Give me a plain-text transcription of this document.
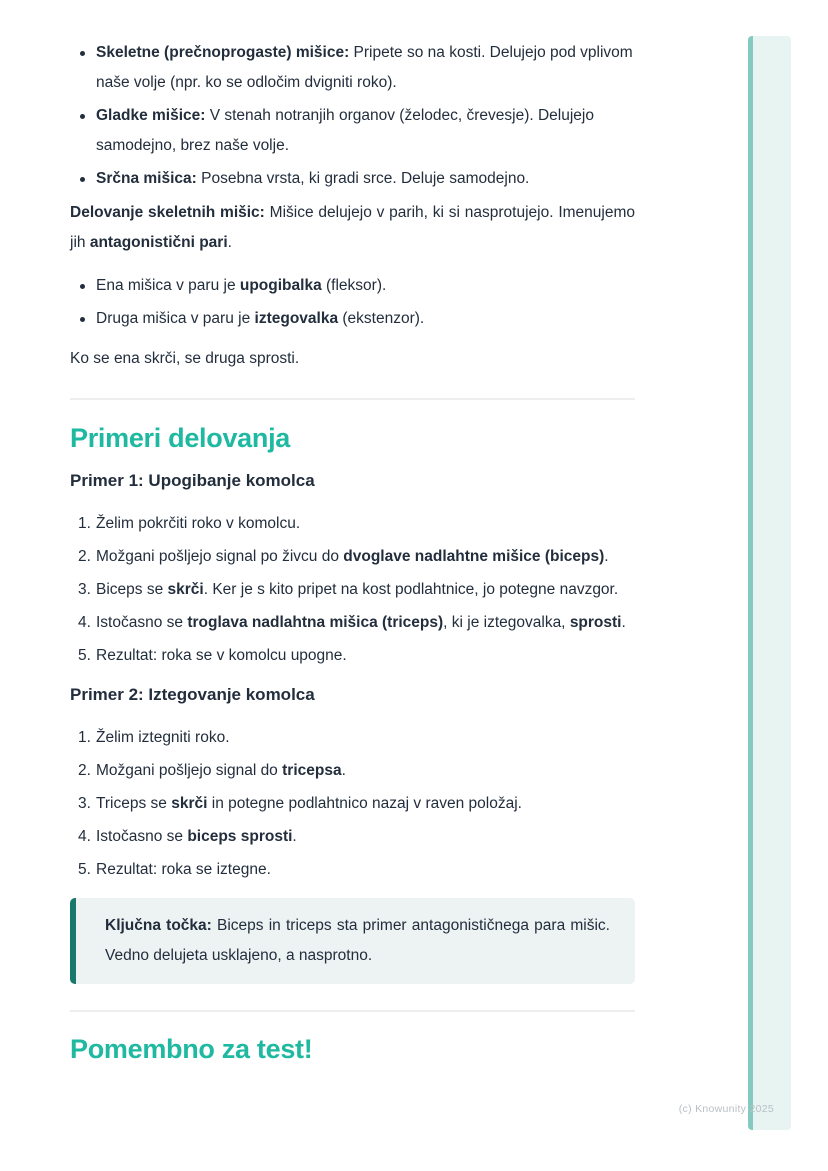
(c) Knowunity 2025
Skeletne (prečnoprogaste) mišice: Pripete so na kosti. Delujejo pod vplivom naše volje (npr. ko se odločim dvigniti roko).
Gladke mišice: V stenah notranjih organov (želodec, črevesje). Delujejo samodejno, brez naše volje.
Srčna mišica: Posebna vrsta, ki gradi srce. Deluje samodejno.

Delovanje skeletnih mišic: Mišice delujejo v parih, ki si nasprotujejo. Imenujemo jih antagonistični pari.

Ena mišica v paru je upogibalka (fleksor).
Druga mišica v paru je iztegovalka (ekstenzor).

Ko se ena skrči, se druga sprosti.

Primeri delovanja
Primer 1: Upogibanje komolca
1. Želim pokrčiti roko v komolcu.
2. Možgani pošljejo signal po živcu do dvoglave nadlahtne mišice (biceps).
3. Biceps se skrči. Ker je s kito pripet na kost podlahtnice, jo potegne navzgor.
4. Istočasno se troglava nadlahtna mišica (triceps), ki je iztegovalka, sprosti.
5. Rezultat: roka se v komolcu upogne.
Primer 2: Iztegovanje komolca
1. Želim iztegniti roko.
2. Možgani pošljejo signal do tricepsa.
3. Triceps se skrči in potegne podlahtnico nazaj v raven položaj.
4. Istočasno se biceps sprosti.
5. Rezultat: roka se iztegne.
Ključna točka: Biceps in triceps sta primer antagonističnega para mišic. Vedno delujeta usklajeno, a nasprotno.
Pomembno za test!
